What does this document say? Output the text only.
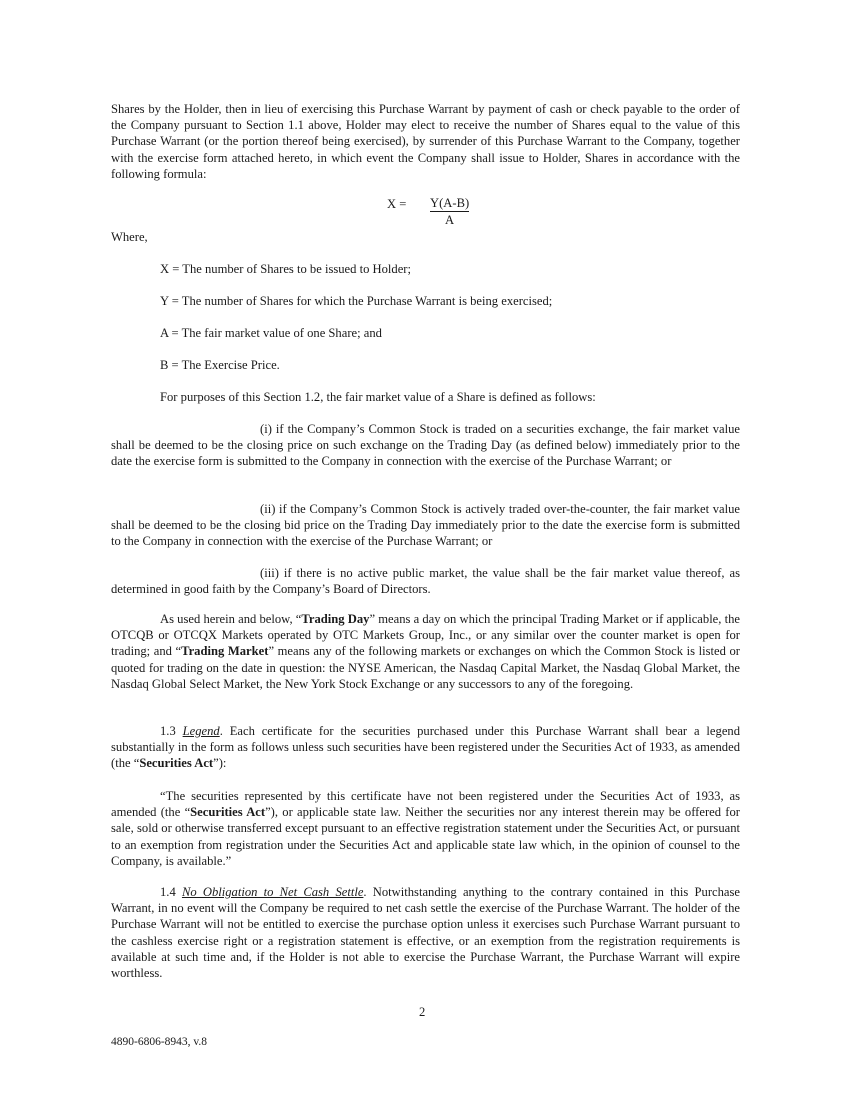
Shares by the Holder, then in lieu of exercising this Purchase Warrant by payment of cash or check payable to the order of the Company pursuant to Section 1.1 above, Holder may elect to receive the number of Shares equal to the value of this Purchase Warrant (or the portion thereof being exercised), by surrender of this Purchase Warrant to the Company, together with the exercise form attached hereto, in which event the Company shall issue to Holder, Shares in accordance with the following formula:

X = Y(A-B)
A

Where,

X = The number of Shares to be issued to Holder;

Y = The number of Shares for which the Purchase Warrant is being exercised;

A = The fair market value of one Share; and

B = The Exercise Price.

For purposes of this Section 1.2, the fair market value of a Share is defined as follows:

(i) if the Company’s Common Stock is traded on a securities exchange, the fair market value shall be deemed to be the closing price on such exchange on the Trading Day (as defined below) immediately prior to the date the exercise form is submitted to the Company in connection with the exercise of the Purchase Warrant; or

(ii) if the Company’s Common Stock is actively traded over-the-counter, the fair market value shall be deemed to be the closing bid price on the Trading Day immediately prior to the date the exercise form is submitted to the Company in connection with the exercise of the Purchase Warrant; or

(iii) if there is no active public market, the value shall be the fair market value thereof, as determined in good faith by the Company’s Board of Directors.

As used herein and below, “Trading Day” means a day on which the principal Trading Market or if applicable, the OTCQB or OTCQX Markets operated by OTC Markets Group, Inc., or any similar over the counter market is open for trading; and “Trading Market” means any of the following markets or exchanges on which the Common Stock is listed or quoted for trading on the date in question: the NYSE American, the Nasdaq Capital Market, the Nasdaq Global Market, the Nasdaq Global Select Market, the New York Stock Exchange or any successors to any of the foregoing.

1.3 Legend. Each certificate for the securities purchased under this Purchase Warrant shall bear a legend substantially in the form as follows unless such securities have been registered under the Securities Act of 1933, as amended (the “Securities Act”):

“The securities represented by this certificate have not been registered under the Securities Act of 1933, as amended (the “Securities Act”), or applicable state law. Neither the securities nor any interest therein may be offered for sale, sold or otherwise transferred except pursuant to an effective registration statement under the Securities Act, or pursuant to an exemption from registration under the Securities Act and applicable state law which, in the opinion of counsel to the Company, is available.”

1.4 No Obligation to Net Cash Settle. Notwithstanding anything to the contrary contained in this Purchase Warrant, in no event will the Company be required to net cash settle the exercise of the Purchase Warrant. The holder of the Purchase Warrant will not be entitled to exercise the purchase option unless it exercises such Purchase Warrant pursuant to the cashless exercise right or a registration statement is effective, or an exemption from the registration requirements is available at such time and, if the Holder is not able to exercise the Purchase Warrant, the Purchase Warrant will expire worthless.

2
4890-6806-8943, v.8
